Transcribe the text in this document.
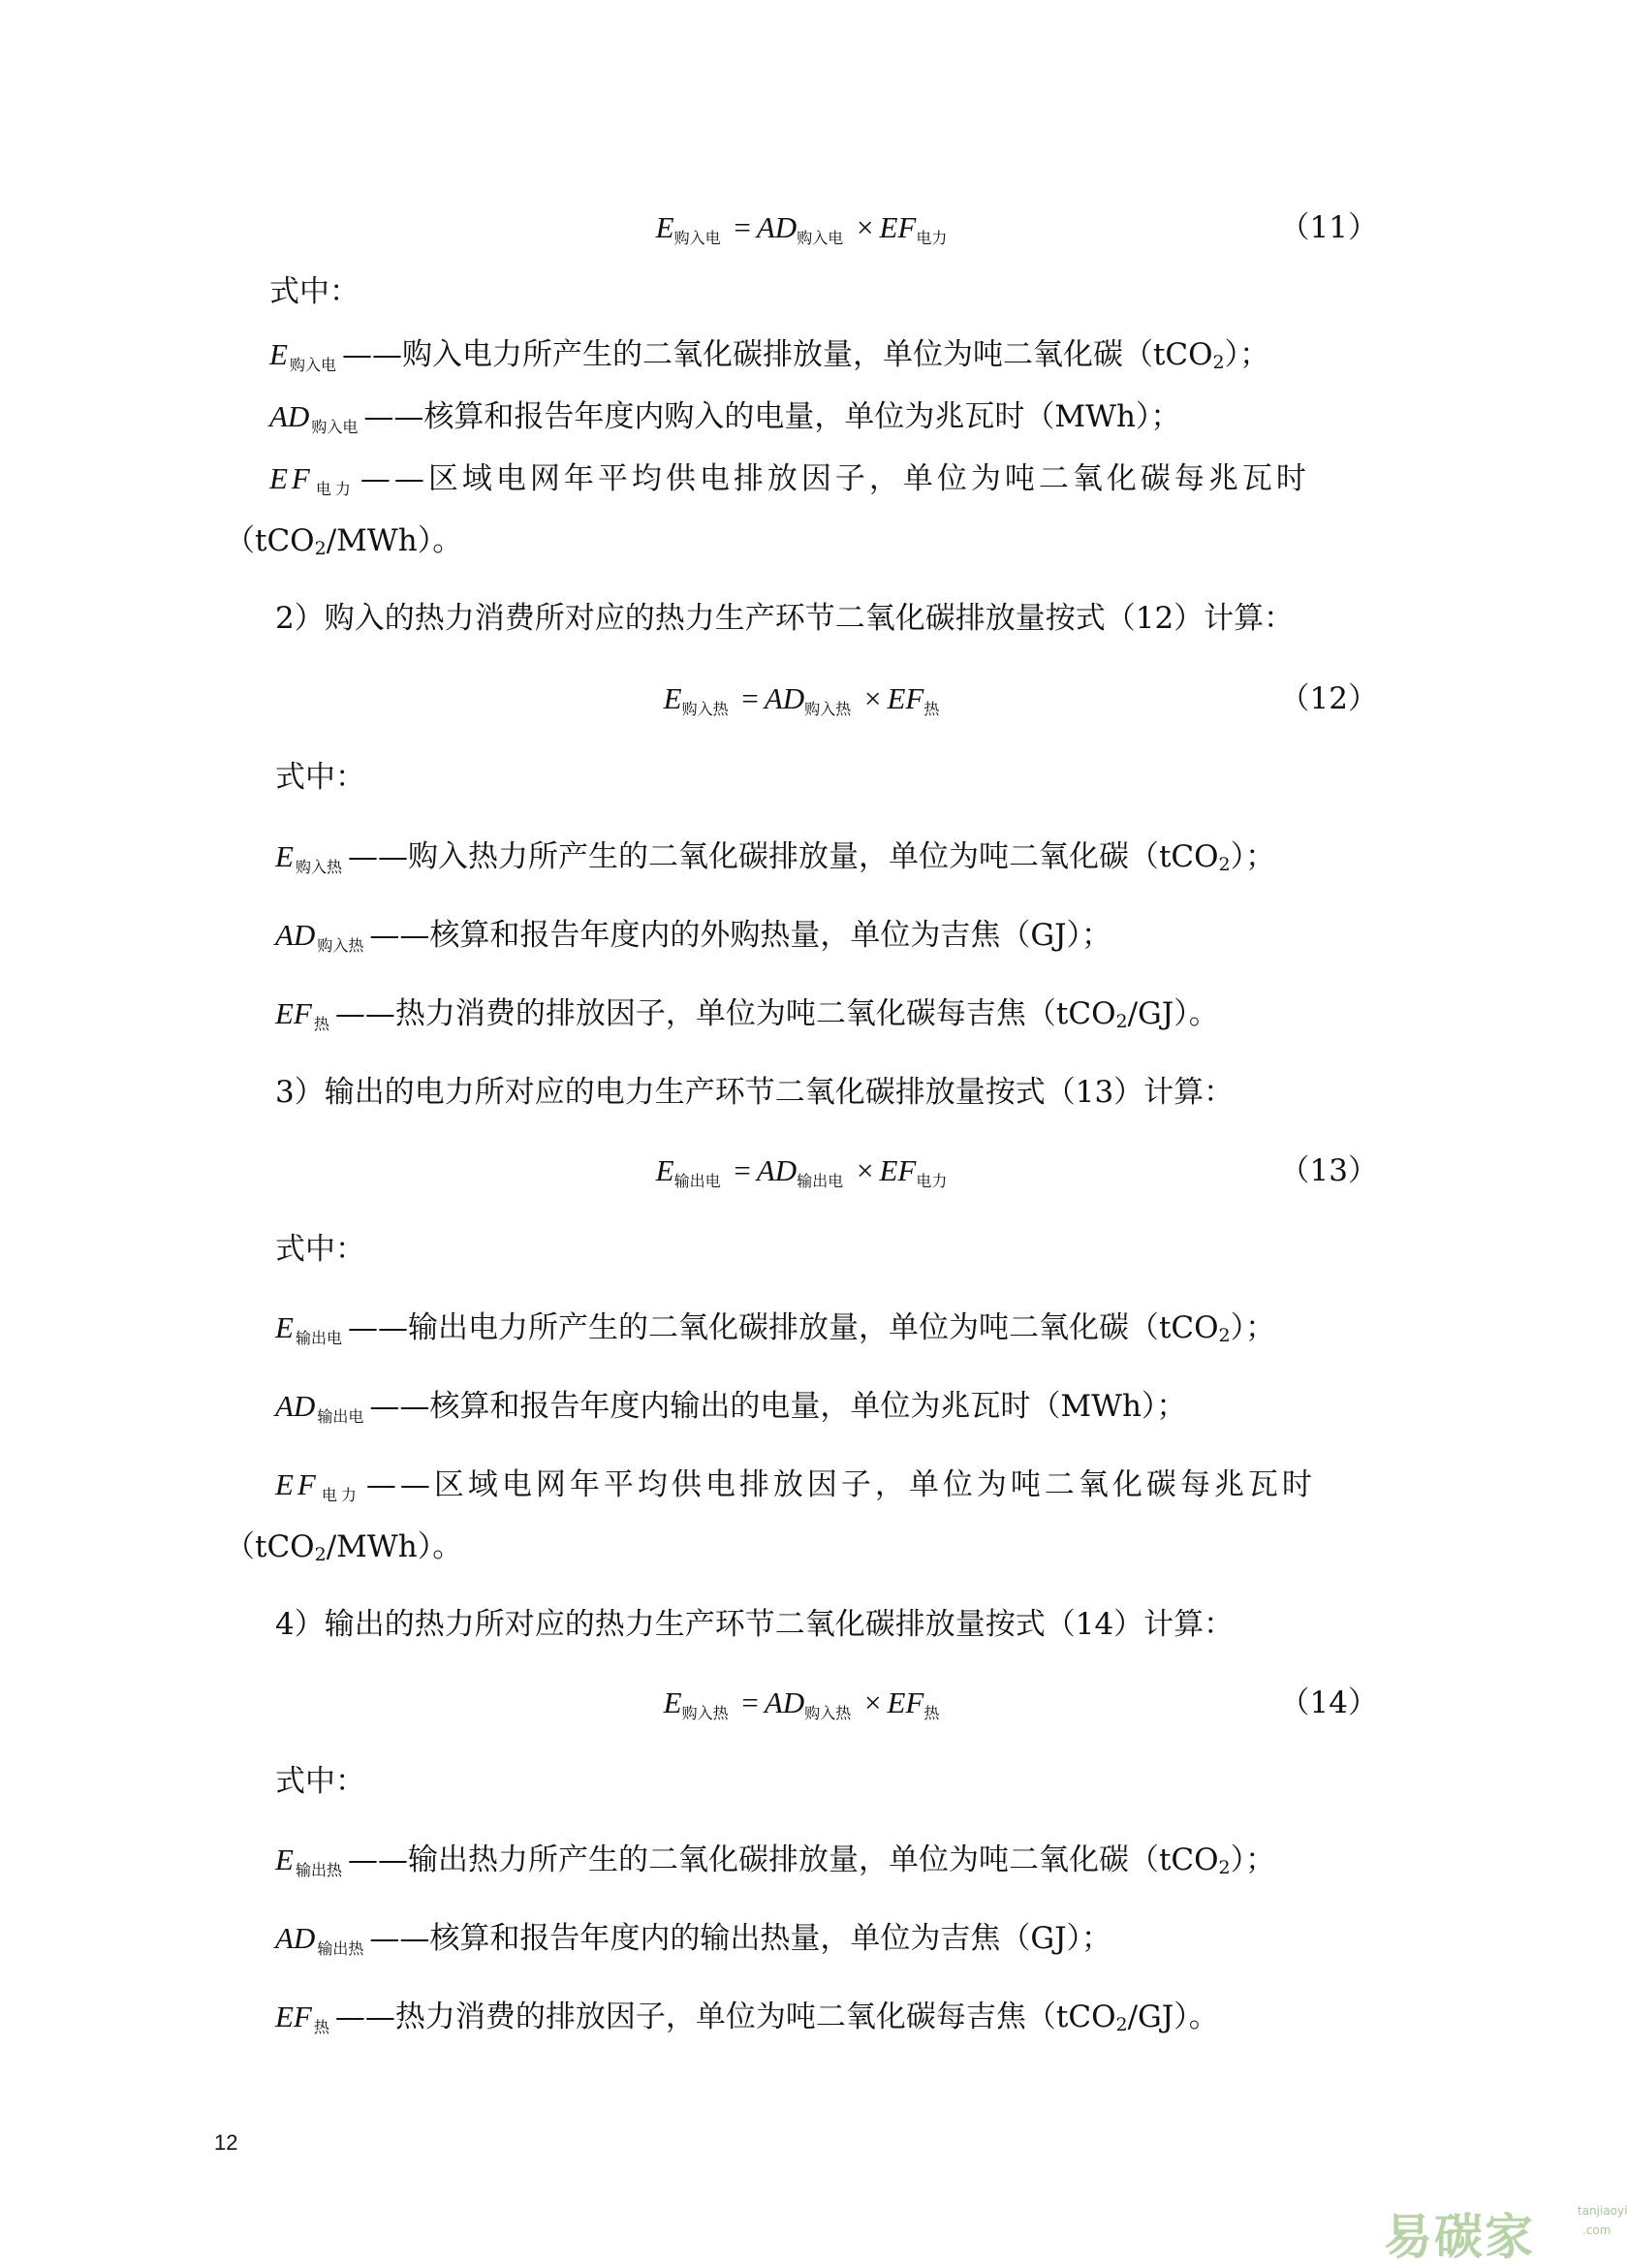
E购入电 = AD购入电 × EF电力	（11）
式中：
E $_{购入电}$ ——购入电力所产生的二氧化碳排放量，单位为吨二氧化碳（tCO$_2$）；
AD $_{购入电}$ ——核算和报告年度内购入的电量，单位为兆瓦时（MWh）；
EF $_{电力}$ ——区域电网年平均供电排放因子，单位为吨二氧化碳每兆瓦时
（tCO$_2$/MWh）。
2）购入的热力消费所对应的热力生产环节二氧化碳排放量按式（12）计算：
E购入热 = AD购入热 × EF热	（12）
式中：
E $_{购入热}$ ——购入热力所产生的二氧化碳排放量，单位为吨二氧化碳（tCO$_2$）；
AD $_{购入热}$ ——核算和报告年度内的外购热量，单位为吉焦（GJ）；
EF $_热$ ——热力消费的排放因子，单位为吨二氧化碳每吉焦（tCO$_2$/GJ）。
3）输出的电力所对应的电力生产环节二氧化碳排放量按式（13）计算：
E输出电 = AD输出电 × EF电力	（13）
式中：
E $_{输出电}$ ——输出电力所产生的二氧化碳排放量，单位为吨二氧化碳（tCO$_2$）；
AD $_{输出电}$ ——核算和报告年度内输出的电量，单位为兆瓦时（MWh）；
EF $_{电力}$ ——区域电网年平均供电排放因子，单位为吨二氧化碳每兆瓦时
（tCO$_2$/MWh）。
4）输出的热力所对应的热力生产环节二氧化碳排放量按式（14）计算：
E购入热 = AD购入热 × EF热	（14）
式中：
E $_{输出热}$ ——输出热力所产生的二氧化碳排放量，单位为吨二氧化碳（tCO$_2$）；
AD $_{输出热}$ ——核算和报告年度内的输出热量，单位为吉焦（GJ）；
EF $_热$ ——热力消费的排放因子，单位为吨二氧化碳每吉焦（tCO$_2$/GJ）。
12
易碳家	tanjiaoyi
.com
